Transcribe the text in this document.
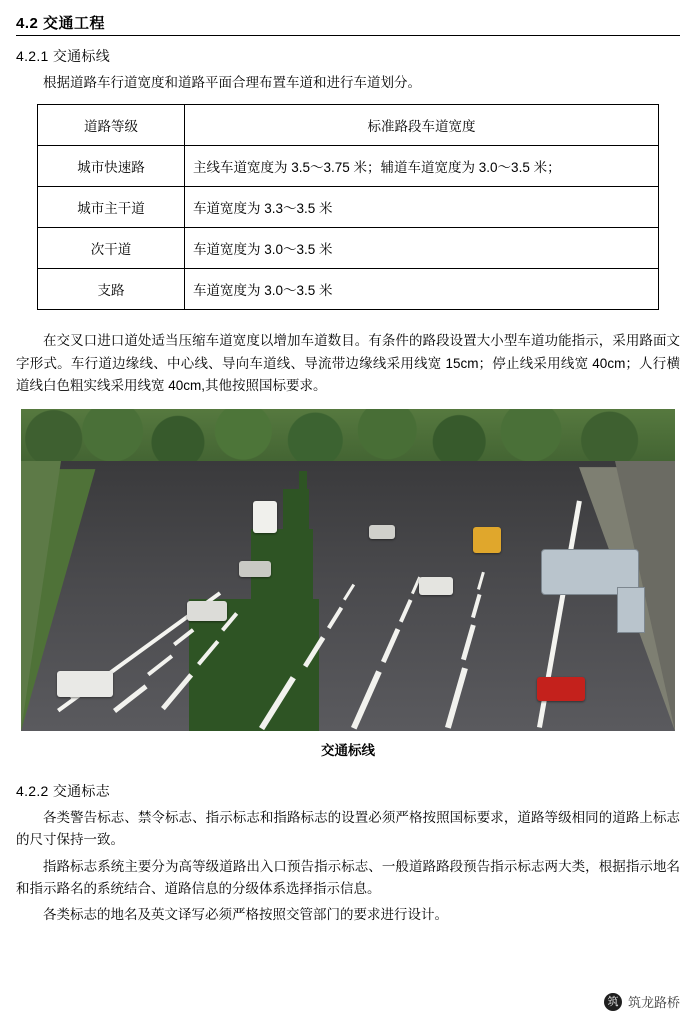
4.2 交通工程
4.2.1 交通标线
根据道路车行道宽度和道路平面合理布置车道和进行车道划分。
道路等级	标准路段车道宽度
城市快速路	主线车道宽度为 3.5～3.75 米；辅道车道宽度为 3.0～3.5 米；
城市主干道	车道宽度为 3.3～3.5 米
次干道	车道宽度为 3.0～3.5 米
支路	车道宽度为 3.0～3.5 米
在交叉口进口道处适当压缩车道宽度以增加车道数目。有条件的路段设置大小型车道功能指示，采用路面文字形式。车行道边缘线、中心线、导向车道线、导流带边缘线采用线宽 15cm；停止线采用线宽 40cm；人行横道线白色粗实线采用线宽 40cm,其他按照国标要求。
交通标线
4.2.2 交通标志
各类警告标志、禁令标志、指示标志和指路标志的设置必须严格按照国标要求，道路等级相同的道路上标志的尺寸保持一致。
指路标志系统主要分为高等级道路出入口预告指示标志、一般道路路段预告指示标志两大类，根据指示地名和指示路名的系统结合、道路信息的分级体系选择指示信息。
各类标志的地名及英文译写必须严格按照交管部门的要求进行设计。
筑 筑龙路桥
